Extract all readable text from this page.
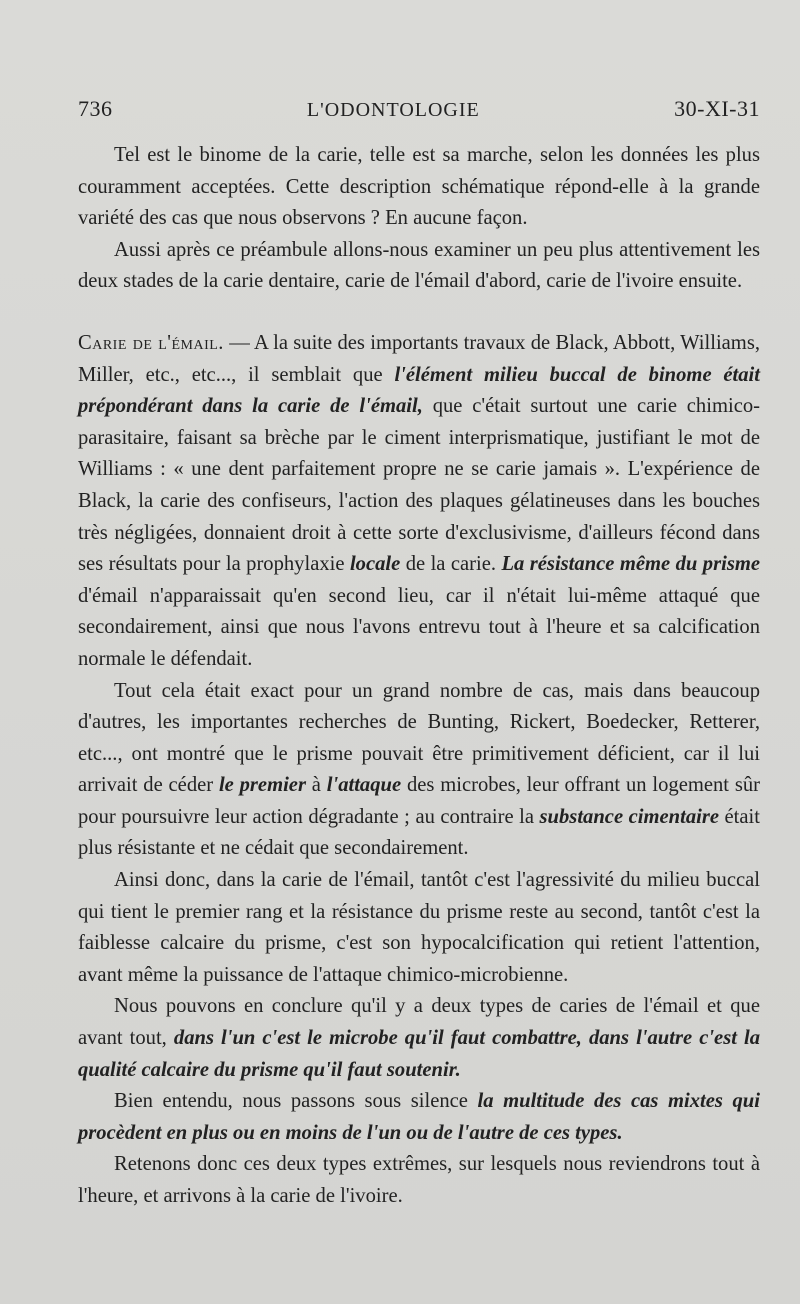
736	L'ODONTOLOGIE	30-XI-31

Tel est le binome de la carie, telle est sa marche, selon les données les plus couramment acceptées. Cette description schématique répond-elle à la grande variété des cas que nous observons ? En aucune façon.

Aussi après ce préambule allons-nous examiner un peu plus attentivement les deux stades de la carie dentaire, carie de l'émail d'abord, carie de l'ivoire ensuite.

Carie de l'émail. — A la suite des importants travaux de Black, Abbott, Williams, Miller, etc., etc..., il semblait que l'élément milieu buccal de binome était prépondérant dans la carie de l'émail, que c'était surtout une carie chimico-parasitaire, faisant sa brèche par le ciment interprismatique, justifiant le mot de Williams : « une dent parfaitement propre ne se carie jamais ». L'expérience de Black, la carie des confiseurs, l'action des plaques gélatineuses dans les bouches très négligées, donnaient droit à cette sorte d'exclusivisme, d'ailleurs fécond dans ses résultats pour la prophylaxie locale de la carie. La résistance même du prisme d'émail n'apparaissait qu'en second lieu, car il n'était lui-même attaqué que secondairement, ainsi que nous l'avons entrevu tout à l'heure et sa calcification normale le défendait.

Tout cela était exact pour un grand nombre de cas, mais dans beaucoup d'autres, les importantes recherches de Bunting, Rickert, Boedecker, Retterer, etc..., ont montré que le prisme pouvait être primitivement déficient, car il lui arrivait de céder le premier à l'attaque des microbes, leur offrant un logement sûr pour poursuivre leur action dégradante ; au contraire la substance cimentaire était plus résistante et ne cédait que secondairement.

Ainsi donc, dans la carie de l'émail, tantôt c'est l'agressivité du milieu buccal qui tient le premier rang et la résistance du prisme reste au second, tantôt c'est la faiblesse calcaire du prisme, c'est son hypocalcification qui retient l'attention, avant même la puissance de l'attaque chimico-microbienne.

Nous pouvons en conclure qu'il y a deux types de caries de l'émail et que avant tout, dans l'un c'est le microbe qu'il faut combattre, dans l'autre c'est la qualité calcaire du prisme qu'il faut soutenir.

Bien entendu, nous passons sous silence la multitude des cas mixtes qui procèdent en plus ou en moins de l'un ou de l'autre de ces types.

Retenons donc ces deux types extrêmes, sur lesquels nous reviendrons tout à l'heure, et arrivons à la carie de l'ivoire.
